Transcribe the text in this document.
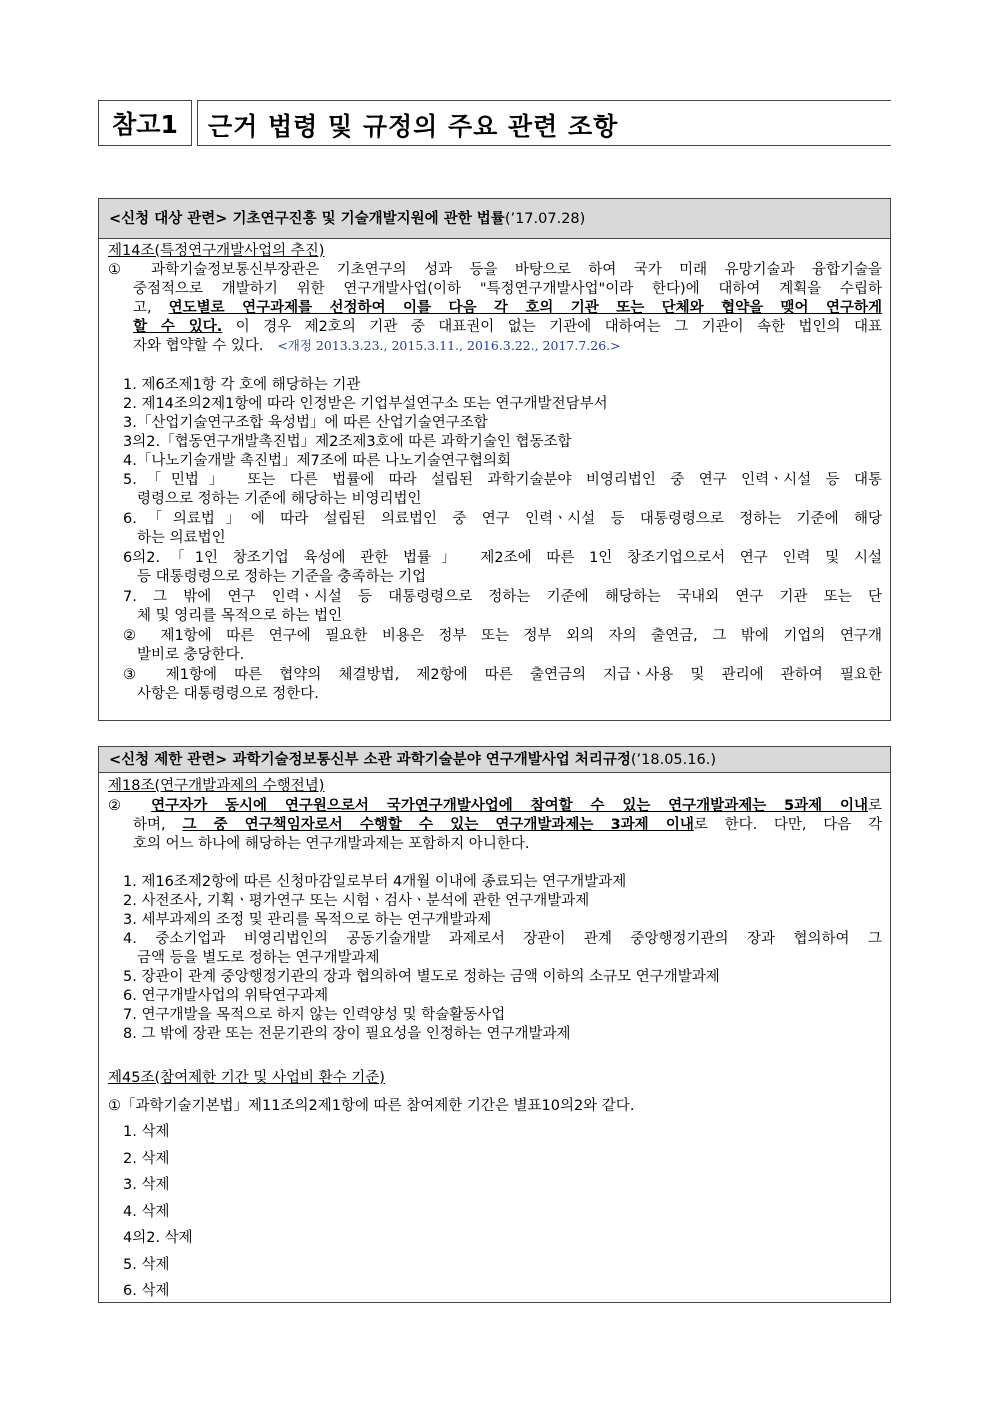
참고1	근거 법령 및 규정의 주요 관련 조항
<신청 대상 관련> 기초연구진흥 및 기술개발지원에 관한 법률(’17.07.28)
제14조(특정연구개발사업의 추진)
① 과학기술정보통신부장관은 기초연구의 성과 등을 바탕으로 하여 국가 미래 유망기술과 융합기술을
중점적으로 개발하기 위한 연구개발사업(이하 "특정연구개발사업"이라 한다)에 대하여 계획을 수립하
고, 연도별로 연구과제를 선정하여 이를 다음 각 호의 기관 또는 단체와 협약을 맺어 연구하게
할 수 있다. 이 경우 제2호의 기관 중 대표권이 없는 기관에 대하여는 그 기관이 속한 법인의 대표
자와 협약할 수 있다. <개정 2013.3.23., 2015.3.11., 2016.3.22., 2017.7.26.>
1. 제6조제1항 각 호에 해당하는 기관
2. 제14조의2제1항에 따라 인정받은 기업부설연구소 또는 연구개발전담부서
3.「산업기술연구조합 육성법」에 따른 산업기술연구조합
3의2.「협동연구개발촉진법」제2조제3호에 따른 과학기술인 협동조합
4.「나노기술개발 촉진법」제7조에 따른 나노기술연구협의회
5.「민법」 또는 다른 법률에 따라 설립된 과학기술분야 비영리법인 중 연구 인력ㆍ시설 등 대통
령령으로 정하는 기준에 해당하는 비영리법인
6.「의료법」에 따라 설립된 의료법인 중 연구 인력ㆍ시설 등 대통령령으로 정하는 기준에 해당
하는 의료법인
6의2.「1인 창조기업 육성에 관한 법률」 제2조에 따른 1인 창조기업으로서 연구 인력 및 시설
등 대통령령으로 정하는 기준을 충족하는 기업
7. 그 밖에 연구 인력ㆍ시설 등 대통령령으로 정하는 기준에 해당하는 국내외 연구 기관 또는 단
체 및 영리를 목적으로 하는 법인
② 제1항에 따른 연구에 필요한 비용은 정부 또는 정부 외의 자의 출연금, 그 밖에 기업의 연구개
발비로 충당한다.
③ 제1항에 따른 협약의 체결방법, 제2항에 따른 출연금의 지급ㆍ사용 및 관리에 관하여 필요한
사항은 대통령령으로 정한다.
<신청 제한 관련> 과학기술정보통신부 소관 과학기술분야 연구개발사업 처리규정(’18.05.16.)
제18조(연구개발과제의 수행전념)
② 연구자가 동시에 연구원으로서 국가연구개발사업에 참여할 수 있는 연구개발과제는 5과제 이내로
하며, 그 중 연구책임자로서 수행할 수 있는 연구개발과제는 3과제 이내로 한다. 다만, 다음 각
호의 어느 하나에 해당하는 연구개발과제는 포함하지 아니한다.
1. 제16조제2항에 따른 신청마감일로부터 4개월 이내에 종료되는 연구개발과제
2. 사전조사, 기획ㆍ평가연구 또는 시험ㆍ검사ㆍ분석에 관한 연구개발과제
3. 세부과제의 조정 및 관리를 목적으로 하는 연구개발과제
4. 중소기업과 비영리법인의 공동기술개발 과제로서 장관이 관계 중앙행정기관의 장과 협의하여 그
금액 등을 별도로 정하는 연구개발과제
5. 장관이 관계 중앙행정기관의 장과 협의하여 별도로 정하는 금액 이하의 소규모 연구개발과제
6. 연구개발사업의 위탁연구과제
7. 연구개발을 목적으로 하지 않는 인력양성 및 학술활동사업
8. 그 밖에 장관 또는 전문기관의 장이 필요성을 인정하는 연구개발과제
제45조(참여제한 기간 및 사업비 환수 기준)
①「과학기술기본법」제11조의2제1항에 따른 참여제한 기간은 별표10의2와 같다.
1. 삭제
2. 삭제
3. 삭제
4. 삭제
4의2. 삭제
5. 삭제
6. 삭제
